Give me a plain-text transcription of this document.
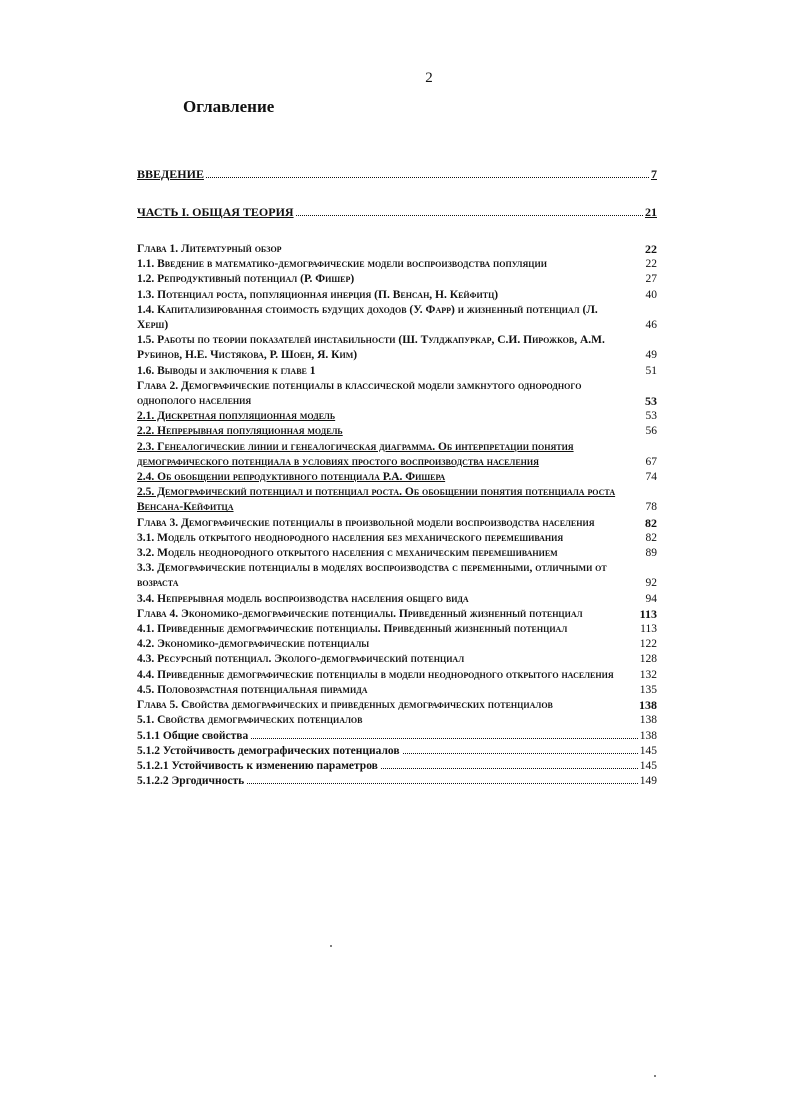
2
Оглавление
ВВЕДЕНИЕ	7
ЧАСТЬ I. ОБЩАЯ ТЕОРИЯ	21
Глава 1. Литературный обзор	22
1.1. Введение в математико-демографические модели воспроизводства популяции	22
1.2. Репродуктивный потенциал (Р. Фишер)	27
1.3. Потенциал роста, популяционная инерция (П. Венсан, Н. Кейфитц)	40
1.4. Капитализированная стоимость будущих доходов (У. Фарр) и жизненный потенциал (Л. Херш)	46
1.5. Работы по теории показателей инстабильности (Ш. Тулджапуркар, С.И. Пирожков, А.М. Рубинов, Н.Е. Чистякова, Р. Шоен, Я. Ким)	49
1.6. Выводы и заключения к главе 1	51
Глава 2. Демографические потенциалы в классической модели замкнутого однородного однополого населения	53
2.1. Дискретная популяционная модель	53
2.2. Непрерывная популяционная модель	56
2.3. Генеалогические линии и генеалогическая диаграмма. Об интерпретации понятия демографического потенциала в условиях простого воспроизводства населения	67
2.4. Об обобщении репродуктивного потенциала Р.А. Фишера	74
2.5. Демографический потенциал и потенциал роста. Об обобщении понятия потенциала роста Венсана-Кейфитца	78
Глава 3. Демографические потенциалы в произвольной модели воспроизводства населения	82
3.1. Модель открытого неоднородного населения без механического перемешивания	82
3.2. Модель неоднородного открытого населения с механическим перемешиванием	89
3.3. Демографические потенциалы в моделях воспроизводства с переменными, отличными от возраста	92
3.4. Непрерывная модель воспроизводства населения общего вида	94
Глава 4. Экономико-демографические потенциалы. Приведенный жизненный потенциал	113
4.1. Приведенные демографические потенциалы. Приведенный жизненный потенциал	113
4.2. Экономико-демографические потенциалы	122
4.3. Ресурсный потенциал. Эколого-демографический потенциал	128
4.4. Приведенные демографические потенциалы в модели неоднородного открытого населения	132
4.5. Половозрастная потенциальная пирамида	135
Глава 5. Свойства демографических и приведенных демографических потенциалов	138
5.1. Свойства демографических потенциалов	138
5.1.1 Общие свойства	138
5.1.2 Устойчивость демографических потенциалов	145
5.1.2.1 Устойчивость к изменению параметров	145
5.1.2.2 Эргодичность	149
